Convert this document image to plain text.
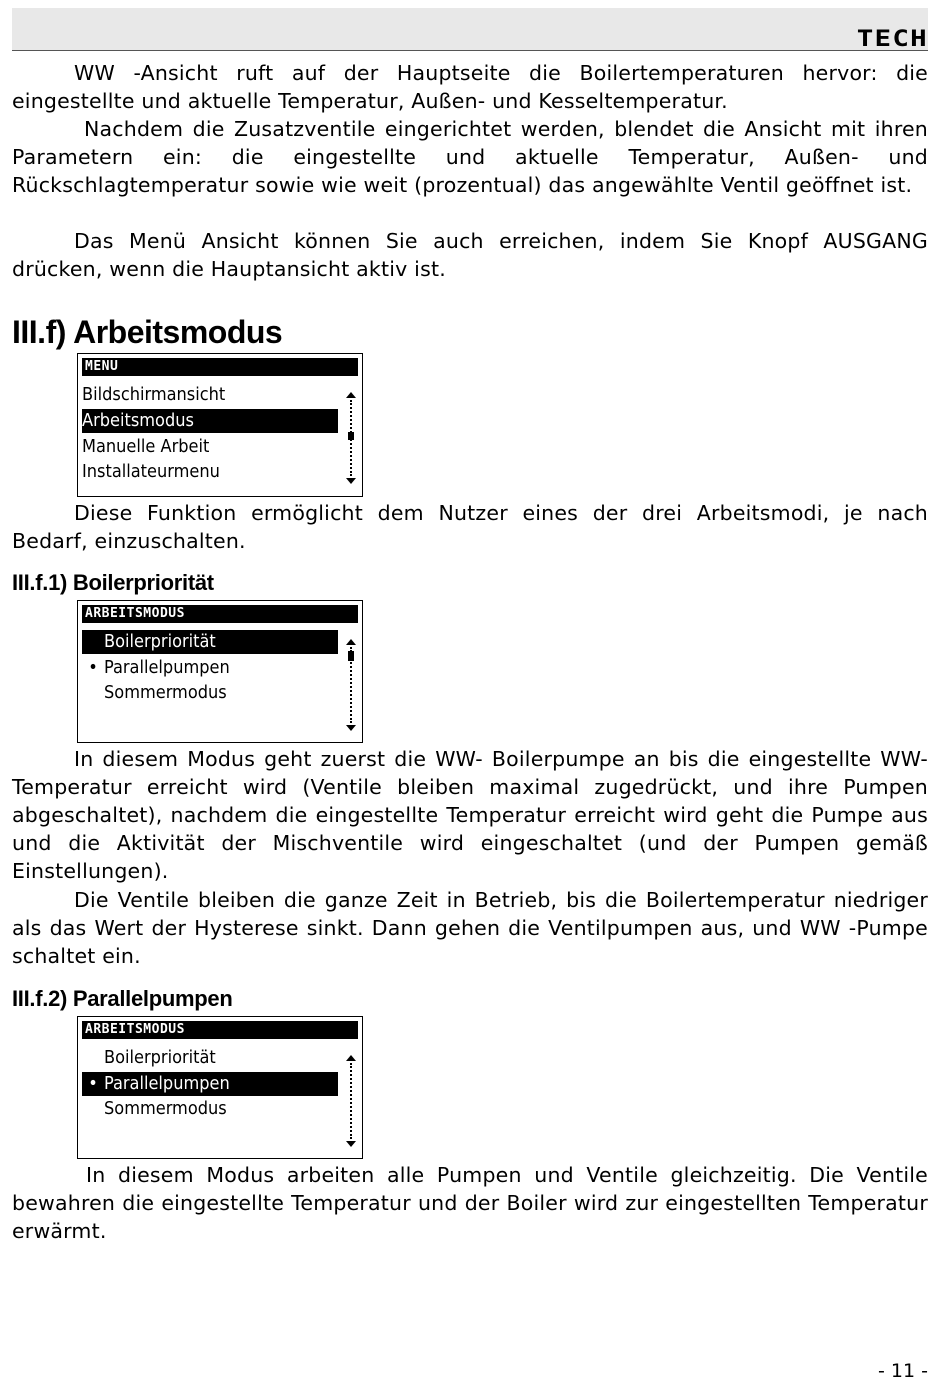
TECH

WW -Ansicht ruft auf der Hauptseite die Boilertemperaturen hervor: die eingestellte und aktuelle Temperatur, Außen- und Kesseltemperatur.

Nachdem die Zusatzventile eingerichtet werden, blendet die Ansicht mit ihren Parametern ein: die eingestellte und aktuelle Temperatur, Außen- und Rückschlagtemperatur sowie wie weit (prozentual) das angewählte Ventil geöffnet ist.

Das Menü Ansicht können Sie auch erreichen, indem Sie Knopf AUSGANG drücken, wenn die Hauptansicht aktiv ist.

III.f) Arbeitsmodus
MENU
Bildschirmansicht
Arbeitsmodus
Manuelle Arbeit
Installateurmenu

Diese Funktion ermöglicht dem Nutzer eines der drei Arbeitsmodi, je nach Bedarf, einzuschalten.

III.f.1) Boilerpriorität
ARBEITSMODUS
Boilerpriorität
• Parallelpumpen
Sommermodus

In diesem Modus geht zuerst die WW- Boilerpumpe an bis die eingestellte WW-Temperatur erreicht wird (Ventile bleiben maximal zugedrückt, und ihre Pumpen abgeschaltet), nachdem die eingestellte Temperatur erreicht wird geht die Pumpe aus und die Aktivität der Mischventile wird eingeschaltet (und der Pumpen gemäß Einstellungen).

Die Ventile bleiben die ganze Zeit in Betrieb, bis die Boilertemperatur niedriger als das Wert der Hysterese sinkt. Dann gehen die Ventilpumpen aus, und WW -Pumpe schaltet ein.

III.f.2) Parallelpumpen
ARBEITSMODUS
Boilerpriorität
• Parallelpumpen
Sommermodus

In diesem Modus arbeiten alle Pumpen und Ventile gleichzeitig. Die Ventile bewahren die eingestellte Temperatur und der Boiler wird zur eingestellten Temperatur erwärmt.

- 11 -
